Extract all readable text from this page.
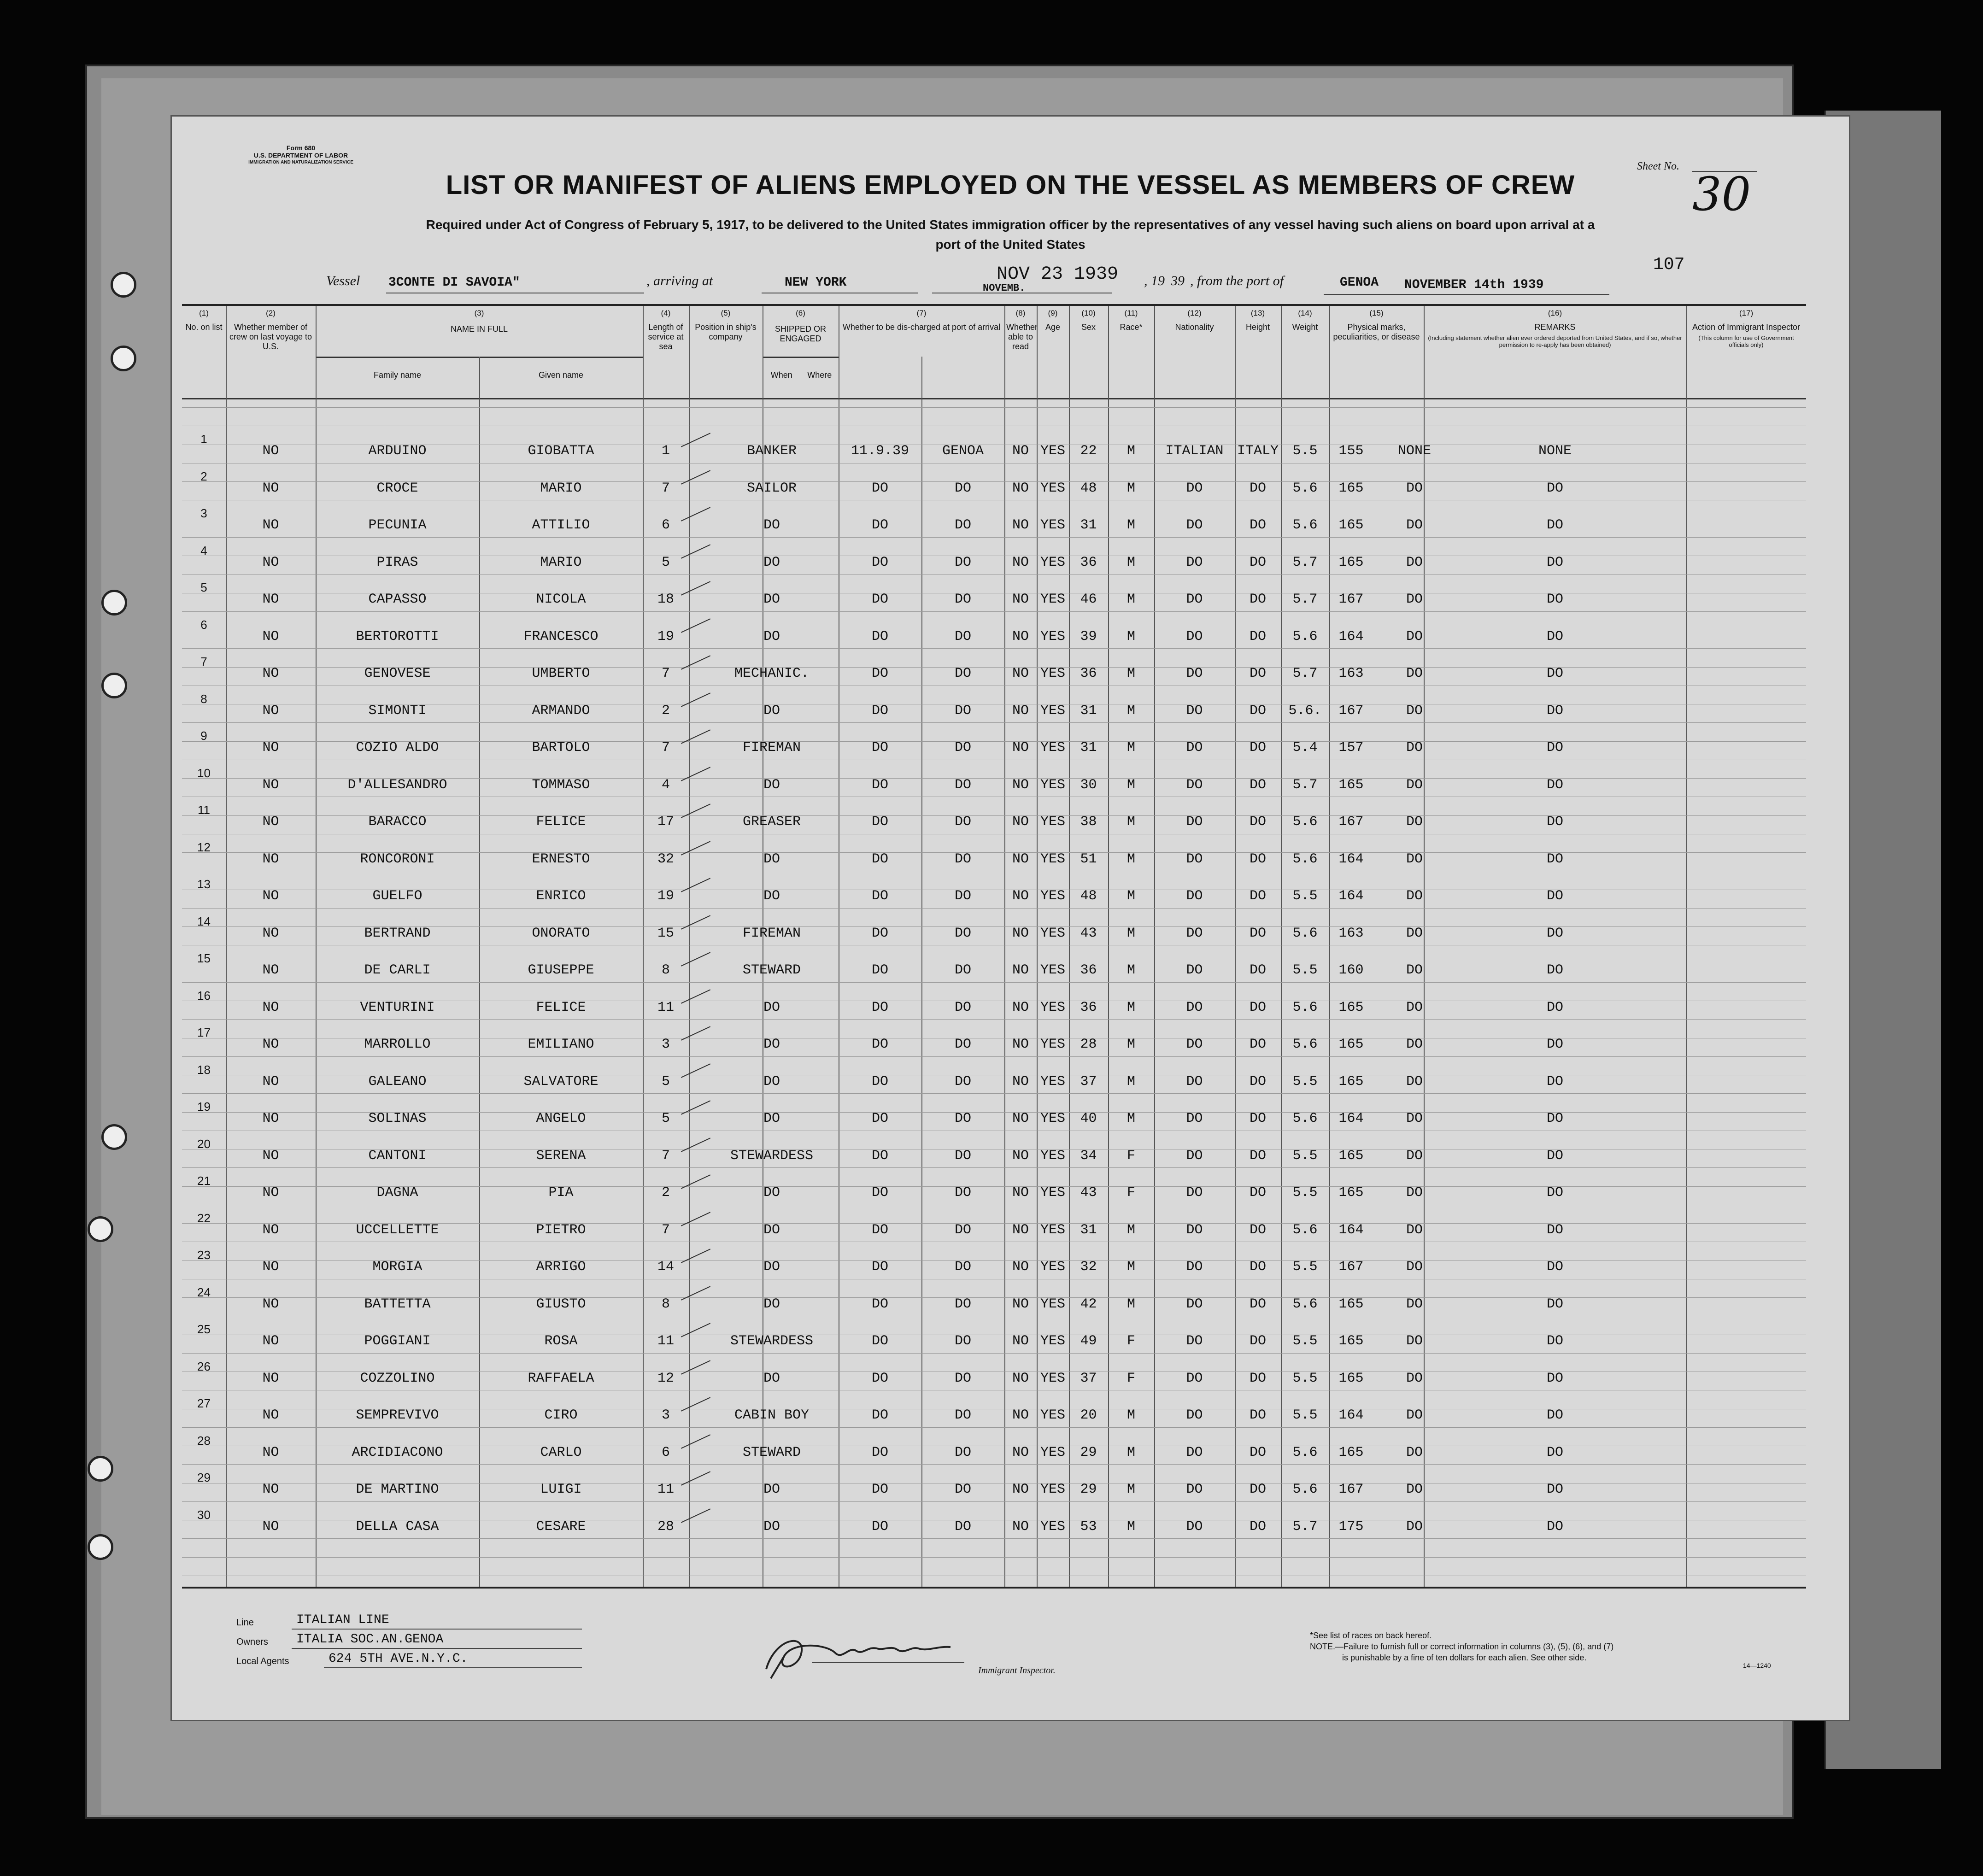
Form 680
U.S. DEPARTMENT OF LABOR
IMMIGRATION AND NATURALIZATION SERVICE	Sheet No.
30
LIST OR MANIFEST OF ALIENS EMPLOYED ON THE VESSEL AS MEMBERS OF CREW
Required under Act of Congress of February 5, 1917, to be delivered to the United States immigration officer by the representatives of any vessel having such aliens on board upon arrival at a
port of the United States
Vessel 3CONTE DI SAVOIA"	, arriving at	NEW YORK	NOV 23 1939
NOVEMB.	, 19 39 , from the port of	GENOA NOVEMBER 14th 1939
107
Line	ITALIAN LINE
Owners ITALIA SOC.AN.GENOA
Local Agents	624 5TH AVE.N.Y.C.
Immigrant Inspector.
*See list of races on back hereof.
NOTE.—Failure to furnish full or correct information in columns (3), (5), (6), and (7)
is punishable by a fine of ten dollars for each alien. See other side.
14—1240
(1)
No. on list
(2)
Whether member of crew on last voyage to U.S.
(3)
NAME IN FULL
Family name	Given name
(4)
Length of service at sea
(5)
Position in ship's company
(6)
SHIPPED OR ENGAGED
When	Where
(7)
Whether to be dis-charged at port of arrival
(8)
Whether able to read
(9)
Age
(10)
Sex
(11)
Race*
(12)
Nationality
(13)
Height
(14)
Weight
(15)
Physical marks, peculiarities, or disease
(16)
REMARKS
(Including statement whether alien ever ordered deported from United States, and if so, whether permission to re-apply has been obtained)
(17)
Action of Immigrant Inspector
(This column for use of Government officials only)
1
NO	ARDUINO	GIOBATTA	1	BANKER	11.9.39	GENOA	NO YES	22	M	ITALIAN ITALY	5.5	155	NONE	NONE
2
NO	CROCE	MARIO	7	SAILOR	DO	DO	NO YES	48	M	DO	DO	5.6	165	DO	DO
3
NO	PECUNIA	ATTILIO	6	DO	DO	DO	NO YES	31	M	DO	DO	5.6	165	DO	DO
4
NO	PIRAS	MARIO	5	DO	DO	DO	NO YES	36	M	DO	DO	5.7	165	DO	DO
5
NO	CAPASSO	NICOLA	18	DO	DO	DO	NO YES	46	M	DO	DO	5.7	167	DO	DO
6
NO	BERTOROTTI	FRANCESCO	19	DO	DO	DO	NO YES	39	M	DO	DO	5.6	164	DO	DO
7
NO	GENOVESE	UMBERTO	7	MECHANIC.	DO	DO	NO YES	36	M	DO	DO	5.7	163	DO	DO
8
NO	SIMONTI	ARMANDO	2	DO	DO	DO	NO YES	31	M	DO	DO	5.6.	167	DO	DO
9
NO	COZIO ALDO	BARTOLO	7	FIREMAN	DO	DO	NO YES	31	M	DO	DO	5.4	157	DO	DO
10
NO	D'ALLESANDRO	TOMMASO	4	DO	DO	DO	NO YES	30	M	DO	DO	5.7	165	DO	DO
11
NO	BARACCO	FELICE	17	GREASER	DO	DO	NO YES	38	M	DO	DO	5.6	167	DO	DO
12
NO	RONCORONI	ERNESTO	32	DO	DO	DO	NO YES	51	M	DO	DO	5.6	164	DO	DO
13
NO	GUELFO	ENRICO	19	DO	DO	DO	NO YES	48	M	DO	DO	5.5	164	DO	DO
14
NO	BERTRAND	ONORATO	15	FIREMAN	DO	DO	NO YES	43	M	DO	DO	5.6	163	DO	DO
15
NO	DE CARLI	GIUSEPPE	8	STEWARD	DO	DO	NO YES	36	M	DO	DO	5.5	160	DO	DO
16
NO	VENTURINI	FELICE	11	DO	DO	DO	NO YES	36	M	DO	DO	5.6	165	DO	DO
17
NO	MARROLLO	EMILIANO	3	DO	DO	DO	NO YES	28	M	DO	DO	5.6	165	DO	DO
18
NO	GALEANO	SALVATORE	5	DO	DO	DO	NO YES	37	M	DO	DO	5.5	165	DO	DO
19
NO	SOLINAS	ANGELO	5	DO	DO	DO	NO YES	40	M	DO	DO	5.6	164	DO	DO
20
NO	CANTONI	SERENA	7	STEWARDESS	DO	DO	NO YES	34	F	DO	DO	5.5	165	DO	DO
21
NO	DAGNA	PIA	2	DO	DO	DO	NO YES	43	F	DO	DO	5.5	165	DO	DO
22
NO	UCCELLETTE	PIETRO	7	DO	DO	DO	NO YES	31	M	DO	DO	5.6	164	DO	DO
23
NO	MORGIA	ARRIGO	14	DO	DO	DO	NO YES	32	M	DO	DO	5.5	167	DO	DO
24
NO	BATTETTA	GIUSTO	8	DO	DO	DO	NO YES	42	M	DO	DO	5.6	165	DO	DO
25
NO	POGGIANI	ROSA	11	STEWARDESS	DO	DO	NO YES	49	F	DO	DO	5.5	165	DO	DO
26
NO	COZZOLINO	RAFFAELA	12	DO	DO	DO	NO YES	37	F	DO	DO	5.5	165	DO	DO
27
NO	SEMPREVIVO	CIRO	3	CABIN BOY	DO	DO	NO YES	20	M	DO	DO	5.5	164	DO	DO
28
NO	ARCIDIACONO	CARLO	6	STEWARD	DO	DO	NO YES	29	M	DO	DO	5.6	165	DO	DO
29
NO	DE MARTINO	LUIGI	11	DO	DO	DO	NO YES	29	M	DO	DO	5.6	167	DO	DO
30
NO	DELLA CASA	CESARE	28	DO	DO	DO	NO YES	53	M	DO	DO	5.7	175	DO	DO
